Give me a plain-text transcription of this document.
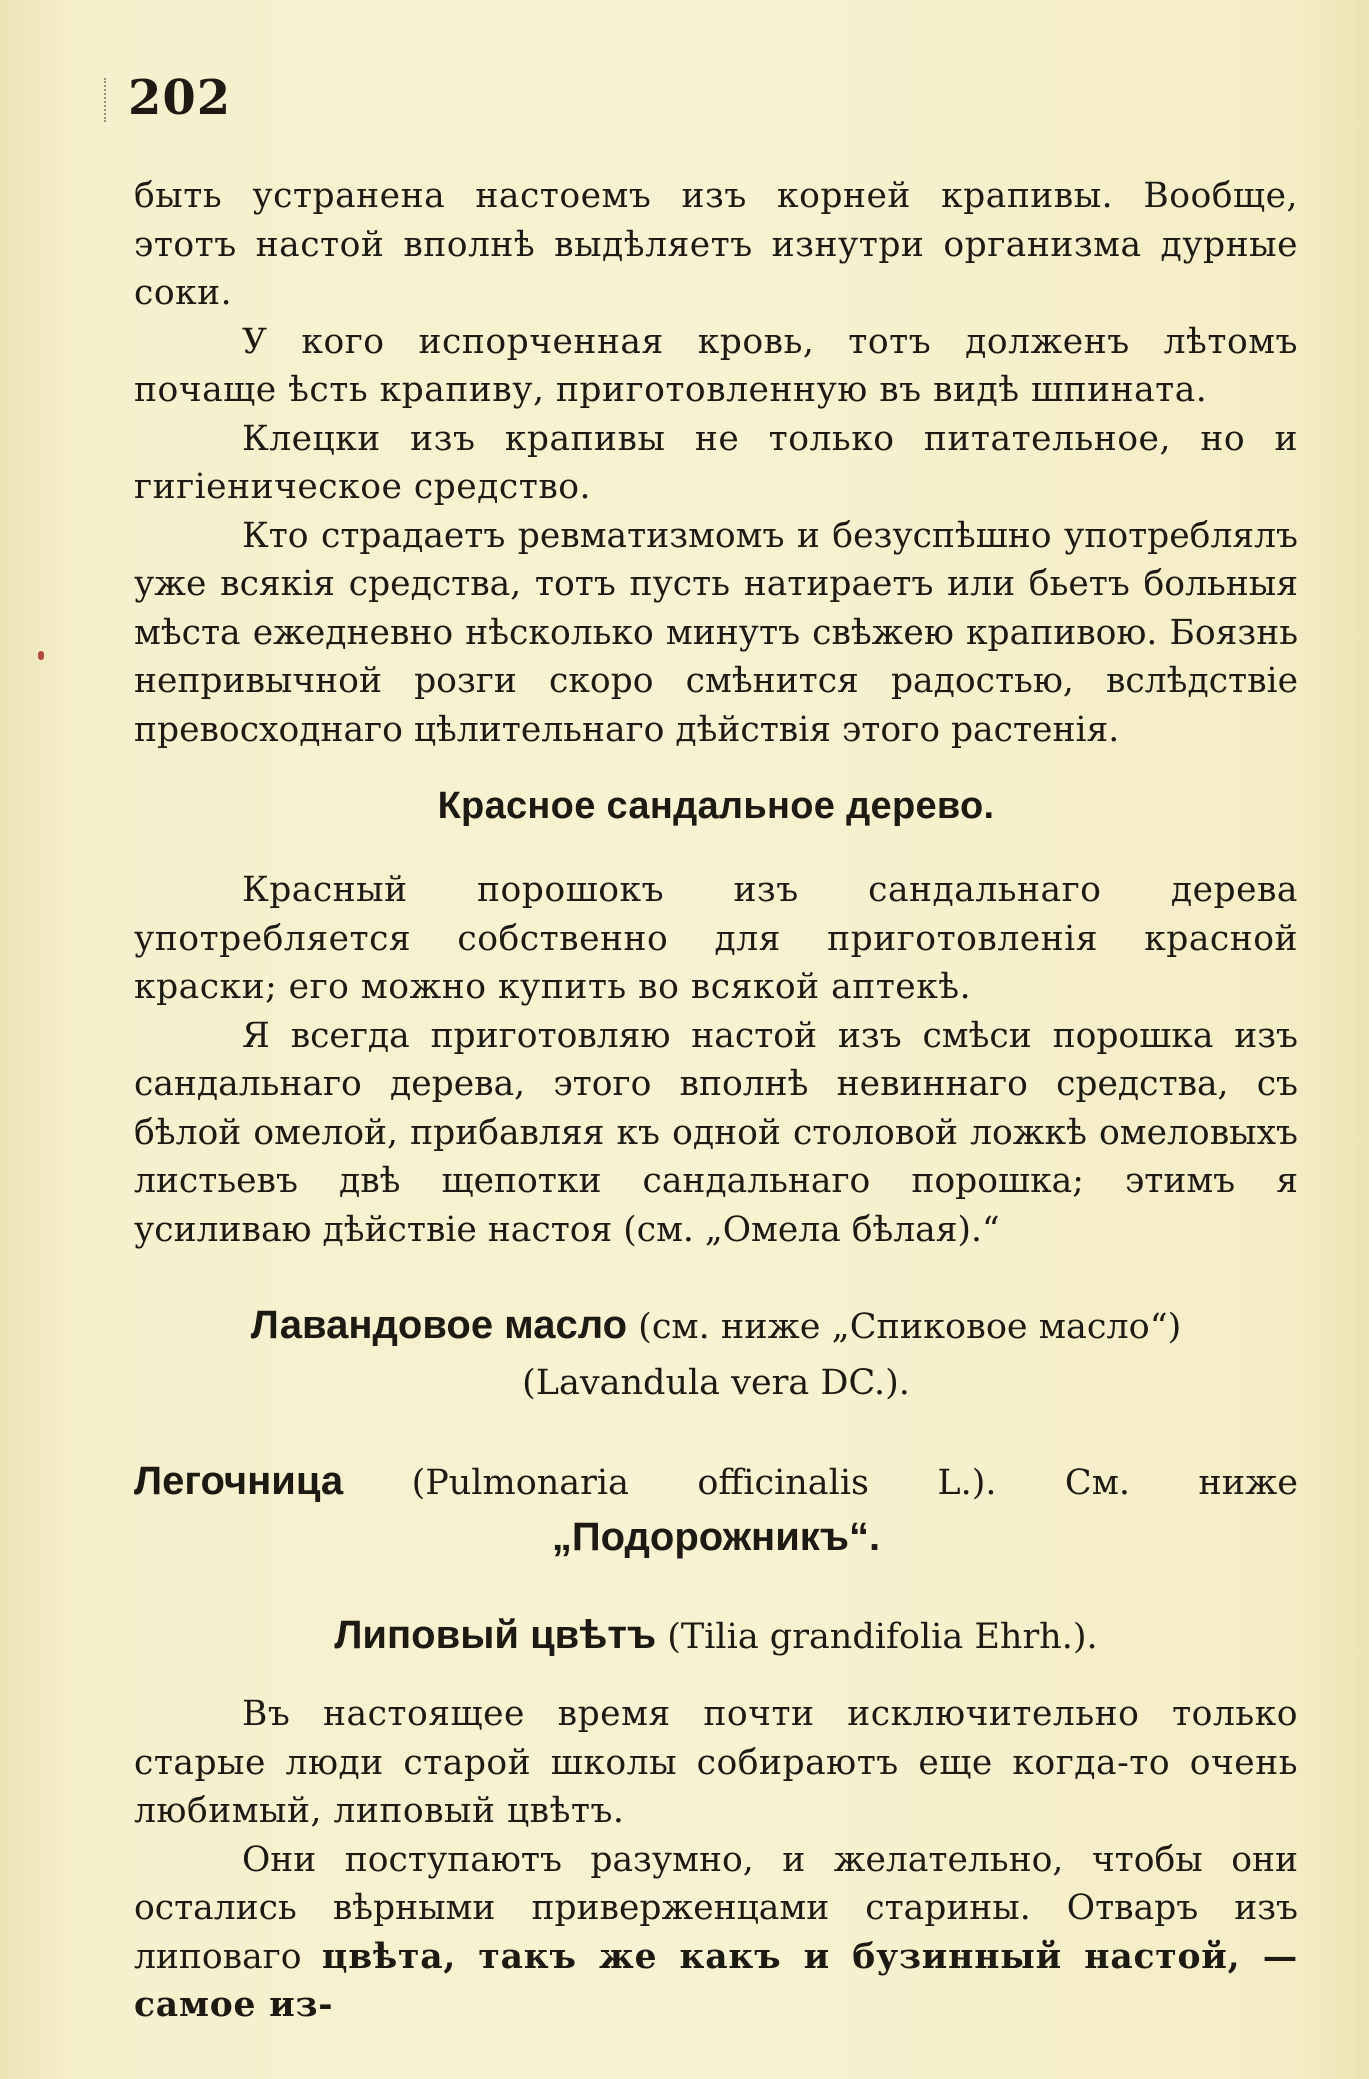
202

быть устранена настоемъ изъ корней крапивы. Вообще, этотъ настой вполнѣ выдѣляетъ изнутри организма дурные соки.

У кого испорченная кровь, тотъ долженъ лѣтомъ почаще ѣсть крапиву, приготовленную въ видѣ шпината.

Клецки изъ крапивы не только питательное, но и гигіеническое средство.

Кто страдаетъ ревматизмомъ и безуспѣшно употреблялъ уже всякія средства, тотъ пусть натираетъ или бьетъ больныя мѣста ежедневно нѣсколько минутъ свѣжею крапивою. Боязнь непривычной розги скоро смѣнится радостью, вслѣдствіе превосходнаго цѣлительнаго дѣйствія этого растенія.

Красное сандальное дерево.

Красный порошокъ изъ сандальнаго дерева употребляется собственно для приготовленія красной краски; его можно купить во всякой аптекѣ.

Я всегда приготовляю настой изъ смѣси порошка изъ сандальнаго дерева, этого вполнѣ невиннаго средства, съ бѣлой омелой, прибавляя къ одной столовой ложкѣ омеловыхъ листьевъ двѣ щепотки сандальнаго порошка; этимъ я усиливаю дѣйствіе настоя (см. „Омела бѣлая).“

Лавандовое масло (см. ниже „Спиковое масло“)
(Lavandula vera DC.).
Легочница (Pulmonaria officinalis L.). См. ниже „Подорожникъ“.
Липовый цвѣтъ (Tilia grandifolia Ehrh.).

Въ настоящее время почти исключительно только старые люди старой школы собираютъ еще когда-то очень любимый, липовый цвѣтъ.

Они поступаютъ разумно, и желательно, чтобы они остались вѣрными приверженцами старины. Отваръ изъ липоваго цвѣта, такъ же какъ и бузинный настой, — самое из-
